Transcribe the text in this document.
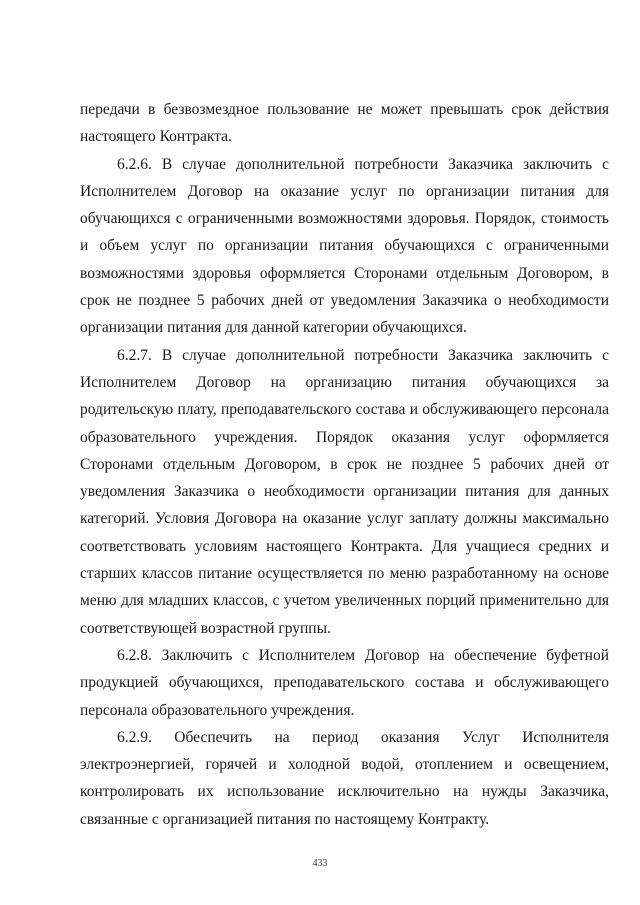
передачи в безвозмездное пользование не может превышать срок действия настоящего Контракта.

6.2.6. В случае дополнительной потребности Заказчика заключить с Исполнителем Договор на оказание услуг по организации питания для обучающихся с ограниченными возможностями здоровья. Порядок, стоимость и объем услуг по организации питания обучающихся с ограниченными возможностями здоровья оформляется Сторонами отдельным Договором, в срок не позднее 5 рабочих дней от уведомления Заказчика о необходимости организации питания для данной категории обучающихся.

6.2.7. В случае дополнительной потребности Заказчика заключить с Исполнителем Договор на организацию питания обучающихся за родительскую плату, преподавательского состава и обслуживающего персонала образовательного учреждения. Порядок оказания услуг оформляется Сторонами отдельным Договором, в срок не позднее 5 рабочих дней от уведомления Заказчика о необходимости организации питания для данных категорий. Условия Договора на оказание услуг заплату должны максимально соответствовать условиям настоящего Контракта. Для учащиеся средних и старших классов питание осуществляется по меню разработанному на основе меню для младших классов, с учетом увеличенных порций применительно для соответствующей возрастной группы.

6.2.8. Заключить с Исполнителем Договор на обеспечение буфетной продукцией обучающихся, преподавательского состава и обслуживающего персонала образовательного учреждения.

6.2.9. Обеспечить на период оказания Услуг Исполнителя электроэнергией, горячей и холодной водой, отоплением и освещением, контролировать их использование исключительно на нужды Заказчика, связанные с организацией питания по настоящему Контракту.

433
